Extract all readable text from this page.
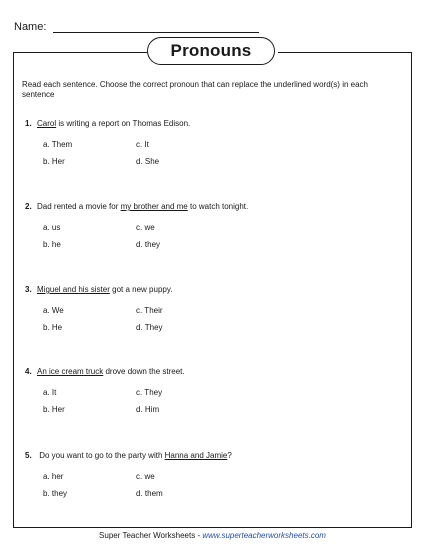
Name:
Pronouns
Read each sentence. Choose the correct pronoun that can replace the underlined word(s) in each sentence
1. Carol is writing a report on Thomas Edison.
a. Them	c. It
b. Her	d. She
2. Dad rented a movie for my brother and me to watch tonight.
a. us	c. we
b. he	d. they
3. Miguel and his sister got a new puppy.
a. We	c. Their
b. He	d. They
4. An ice cream truck drove down the street.
a. It	c. They
b. Her	d. Him
5. Do you want to go to the party with Hanna and Jamie?
a. her	c. we
b. they	d. them
Super Teacher Worksheets - www.superteacherworksheets.com
